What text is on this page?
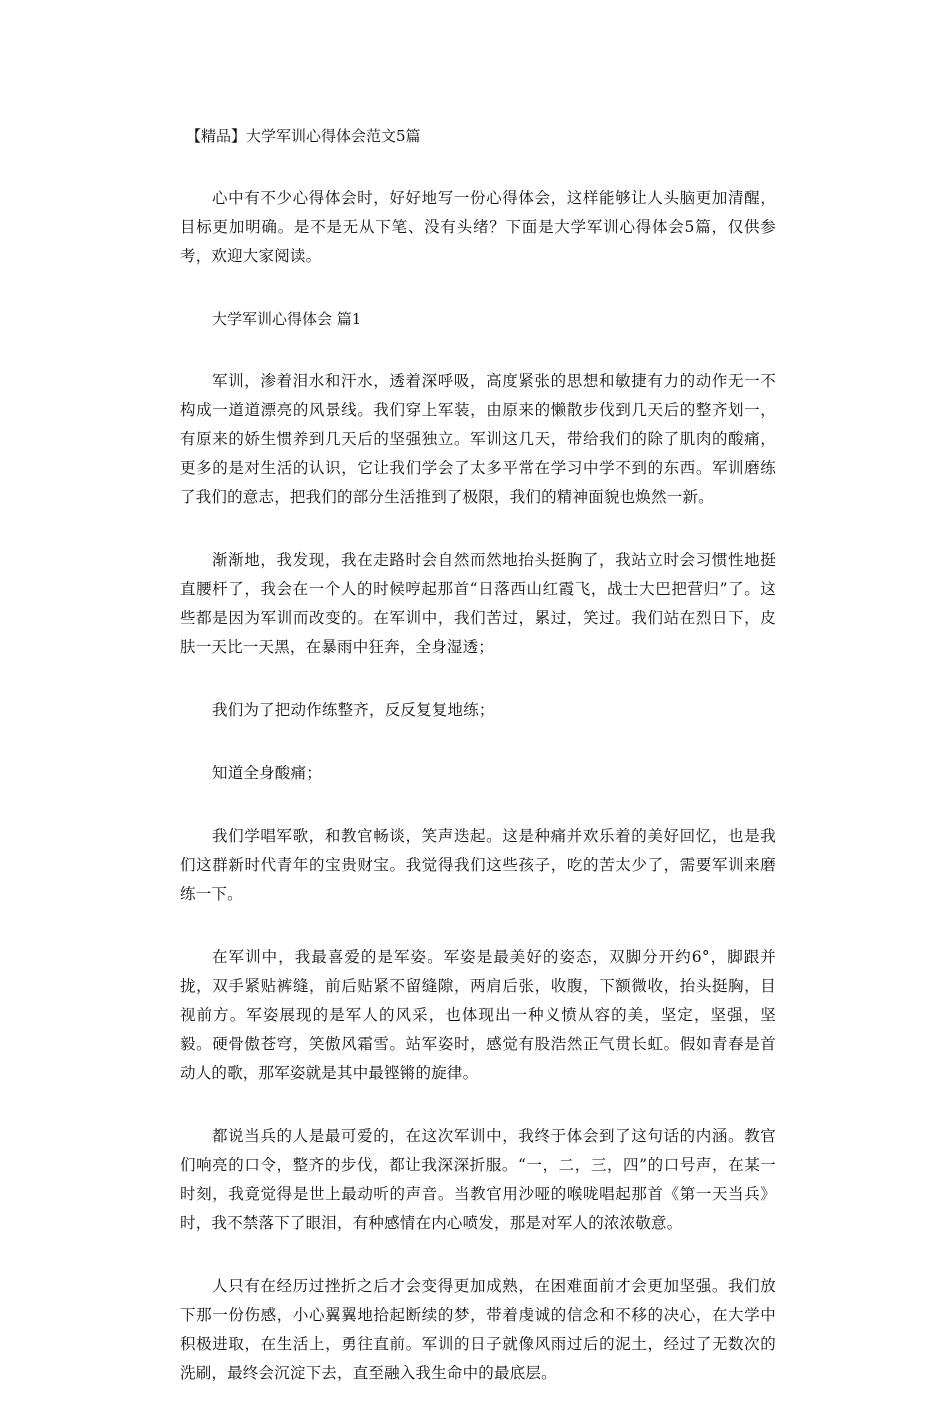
【精品】大学军训心得体会范文5篇

心中有不少心得体会时，好好地写一份心得体会，这样能够让人头脑更加清醒，目标更加明确。是不是无从下笔、没有头绪？下面是大学军训心得体会5篇，仅供参考，欢迎大家阅读。

大学军训心得体会 篇1

军训，渗着泪水和汗水，透着深呼吸，高度紧张的思想和敏捷有力的动作无一不构成一道道漂亮的风景线。我们穿上军装，由原来的懒散步伐到几天后的整齐划一，有原来的娇生惯养到几天后的坚强独立。军训这几天，带给我们的除了肌肉的酸痛，更多的是对生活的认识，它让我们学会了太多平常在学习中学不到的东西。军训磨练了我们的意志，把我们的部分生活推到了极限，我们的精神面貌也焕然一新。

渐渐地，我发现，我在走路时会自然而然地抬头挺胸了，我站立时会习惯性地挺直腰杆了，我会在一个人的时候哼起那首“日落西山红霞飞，战士大巴把营归”了。这些都是因为军训而改变的。在军训中，我们苦过，累过，笑过。我们站在烈日下，皮肤一天比一天黑，在暴雨中狂奔，全身湿透；

我们为了把动作练整齐，反反复复地练；

知道全身酸痛；

我们学唱军歌，和教官畅谈，笑声迭起。这是种痛并欢乐着的美好回忆，也是我们这群新时代青年的宝贵财宝。我觉得我们这些孩子，吃的苦太少了，需要军训来磨练一下。

在军训中，我最喜爱的是军姿。军姿是最美好的姿态，双脚分开约6°，脚跟并拢，双手紧贴裤缝，前后贴紧不留缝隙，两肩后张，收腹，下额微收，抬头挺胸，目视前方。军姿展现的是军人的风采，也体现出一种义愤从容的美，坚定，坚强，坚毅。硬骨傲苍穹，笑傲风霜雪。站军姿时，感觉有股浩然正气贯长虹。假如青春是首动人的歌，那军姿就是其中最铿锵的旋律。

都说当兵的人是最可爱的，在这次军训中，我终于体会到了这句话的内涵。教官们响亮的口令，整齐的步伐，都让我深深折服。“一，二，三，四”的口号声，在某一时刻，我竟觉得是世上最动听的声音。当教官用沙哑的喉咙唱起那首《第一天当兵》时，我不禁落下了眼泪，有种感情在内心喷发，那是对军人的浓浓敬意。

人只有在经历过挫折之后才会变得更加成熟，在困难面前才会更加坚强。我们放下那一份伤感，小心翼翼地拾起断续的梦，带着虔诚的信念和不移的决心，在大学中积极进取，在生活上，勇往直前。军训的日子就像风雨过后的泥土，经过了无数次的洗刷，最终会沉淀下去，直至融入我生命中的最底层。
